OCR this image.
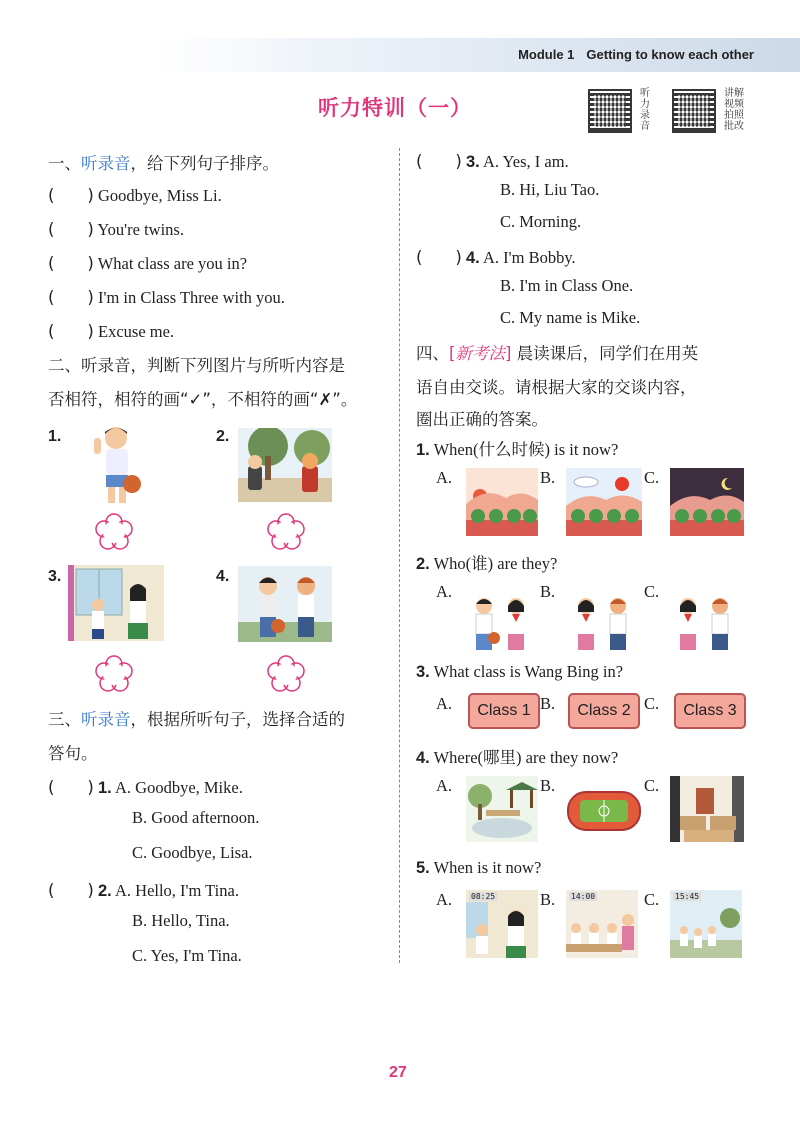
Module 1 Getting to know each other
听力特训（一）
听力录音
讲解视频拍照批改
一、听录音，给下列句子排序。
(　　) Goodbye, Miss Li.
(　　) You're twins.
(　　) What class are you in?
(　　) I'm in Class Three with you.
(　　) Excuse me.
二、听录音，判断下列图片与所听内容是
否相符，相符的画“✓”，不相符的画“✗”。
1.	2.
3.	4.
三、听录音，根据所听句子，选择合适的
答句。
(　　) 1. A. Goodbye, Mike.
B. Good afternoon.
C. Goodbye, Lisa.
(　　) 2. A. Hello, I'm Tina.
B. Hello, Tina.
C. Yes, I'm Tina.
(　　) 3. A. Yes, I am.
B. Hi, Liu Tao.
C. Morning.
(　　) 4. A. I'm Bobby.
B. I'm in Class One.
C. My name is Mike.
四、[新考法] 晨读课后，同学们在用英
语自由交谈。请根据大家的交谈内容，
圈出正确的答案。
1. When(什么时候) is it now?
A.	B.	C.
2. Who(谁) are they?
A.	B.	C.
3. What class is Wang Bing in?
A.	B.	C.
Class 1	Class 2	Class 3
4. Where(哪里) are they now?
A.	B.	C.
5. When is it now?
A.	B.	C.
08:25	14:00	15:45
27
